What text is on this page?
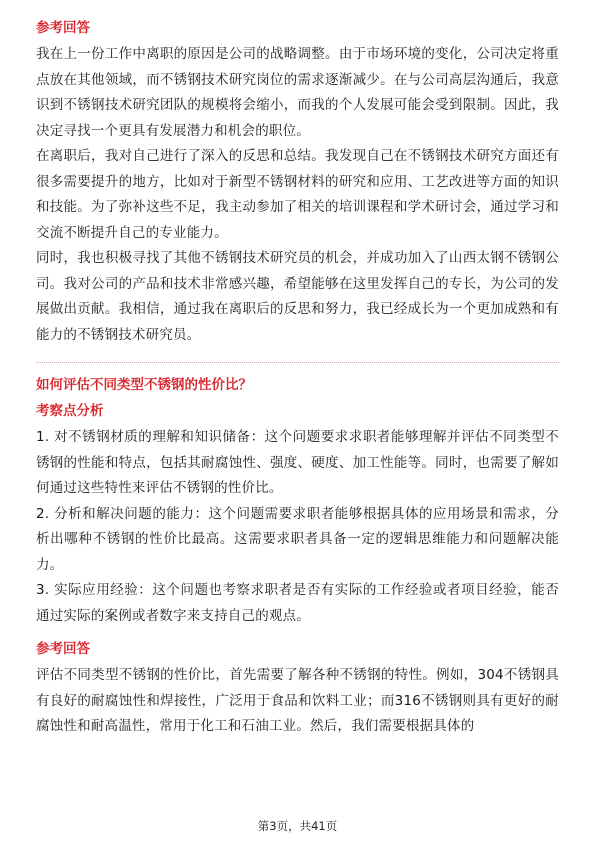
参考回答

我在上一份工作中离职的原因是公司的战略调整。由于市场环境的变化，公司决定将重点放在其他领域，而不锈钢技术研究岗位的需求逐渐减少。在与公司高层沟通后，我意识到不锈钢技术研究团队的规模将会缩小，而我的个人发展可能会受到限制。因此，我决定寻找一个更具有发展潜力和机会的职位。

在离职后，我对自己进行了深入的反思和总结。我发现自己在不锈钢技术研究方面还有很多需要提升的地方，比如对于新型不锈钢材料的研究和应用、工艺改进等方面的知识和技能。为了弥补这些不足，我主动参加了相关的培训课程和学术研讨会，通过学习和交流不断提升自己的专业能力。

同时，我也积极寻找了其他不锈钢技术研究员的机会，并成功加入了山西太钢不锈钢公司。我对公司的产品和技术非常感兴趣，希望能够在这里发挥自己的专长，为公司的发展做出贡献。我相信，通过我在离职后的反思和努力，我已经成长为一个更加成熟和有能力的不锈钢技术研究员。

如何评估不同类型不锈钢的性价比？
考察点分析

1. 对不锈钢材质的理解和知识储备：这个问题要求求职者能够理解并评估不同类型不锈钢的性能和特点，包括其耐腐蚀性、强度、硬度、加工性能等。同时，也需要了解如何通过这些特性来评估不锈钢的性价比。

2. 分析和解决问题的能力：这个问题需要求职者能够根据具体的应用场景和需求，分析出哪种不锈钢的性价比最高。这需要求职者具备一定的逻辑思维能力和问题解决能力。

3. 实际应用经验：这个问题也考察求职者是否有实际的工作经验或者项目经验，能否通过实际的案例或者数字来支持自己的观点。

参考回答

评估不同类型不锈钢的性价比，首先需要了解各种不锈钢的特性。例如，304不锈钢具有良好的耐腐蚀性和焊接性，广泛用于食品和饮料工业；而316不锈钢则具有更好的耐腐蚀性和耐高温性，常用于化工和石油工业。然后，我们需要根据具体的

第3页，共41页
